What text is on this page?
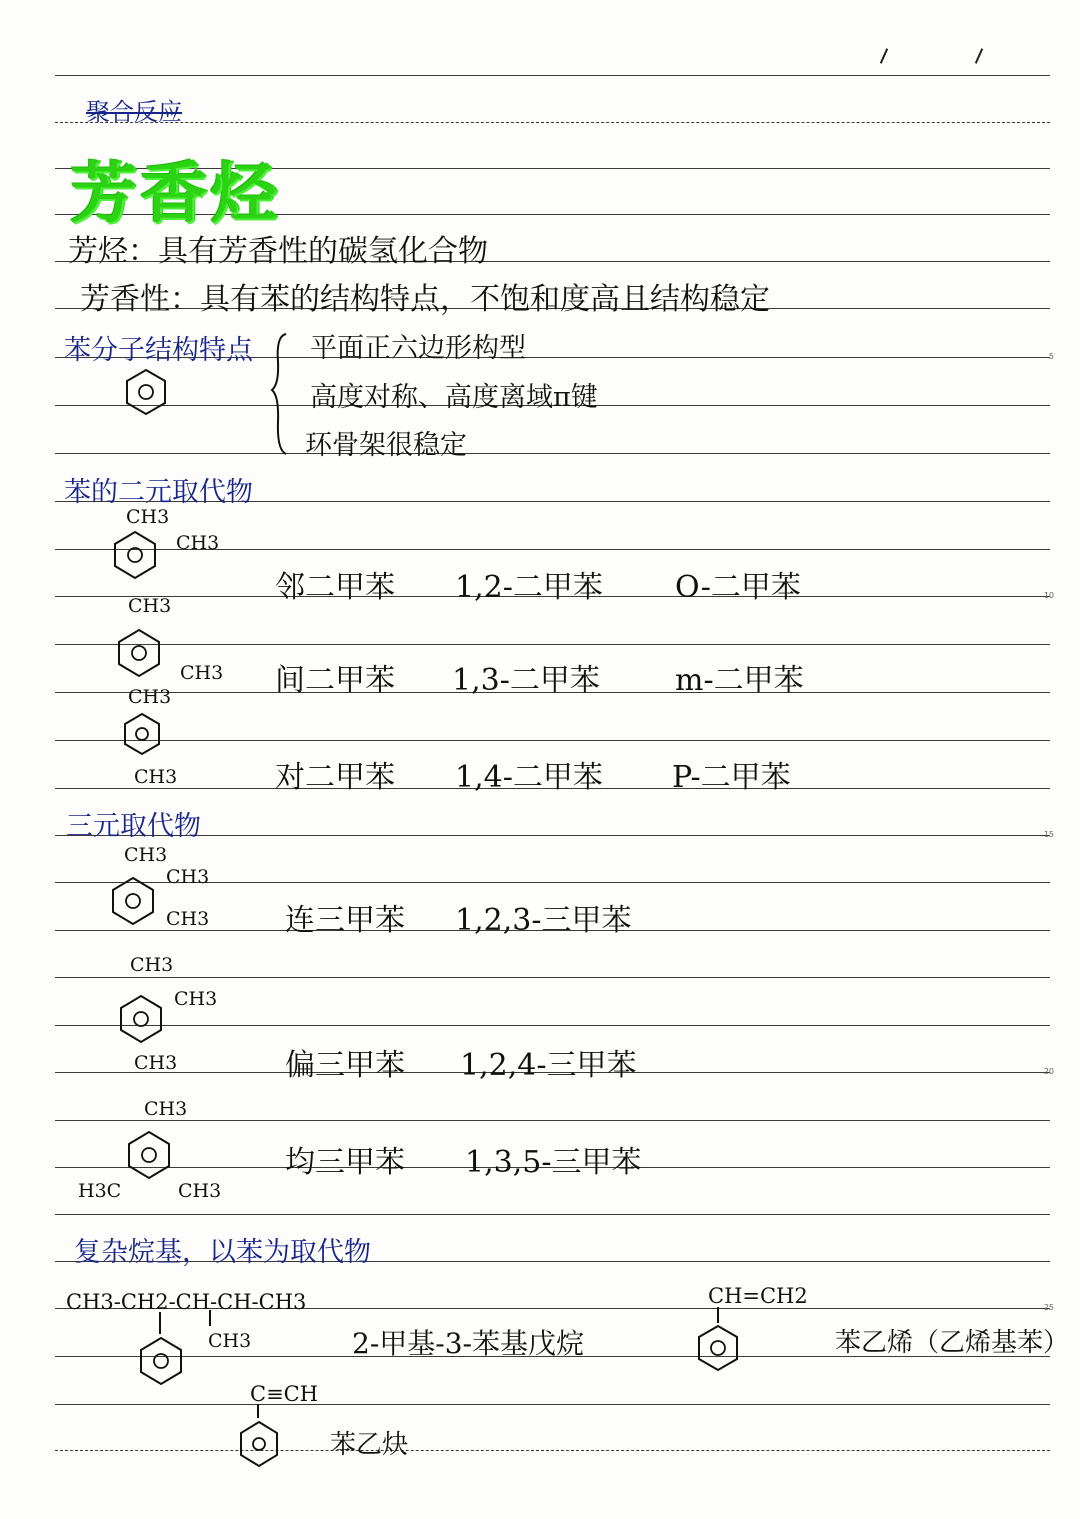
5
10
15
20
25
聚合反应
芳香烃
芳烃：具有芳香性的碳氢化合物
芳香性：具有苯的结构特点，不饱和度高且结构稳定
苯分子结构特点 平面正六边形构型
高度对称、高度离域π键
环骨架很稳定
苯的二元取代物
CH3
CH3
邻二甲苯 1,2-二甲苯 O-二甲苯
CH3
CH3 间二甲苯 1,3-二甲苯	m-二甲苯
CH3
CH3	对二甲苯 1,4-二甲苯 P-二甲苯
三元取代物
CH3
CH3
CH3	连三甲苯 1,2,3-三甲苯
CH3
CH3
CH3	偏三甲苯 1,2,4-三甲苯
CH3
H3C	CH3
均三甲苯 1,3,5-三甲苯
复杂烷基，以苯为取代物
CH3-CH2-CH-CH-CH3
CH3	2-甲基-3-苯基戊烷
CH=CH2
苯乙烯（乙烯基苯）
C≡CH
苯乙炔
